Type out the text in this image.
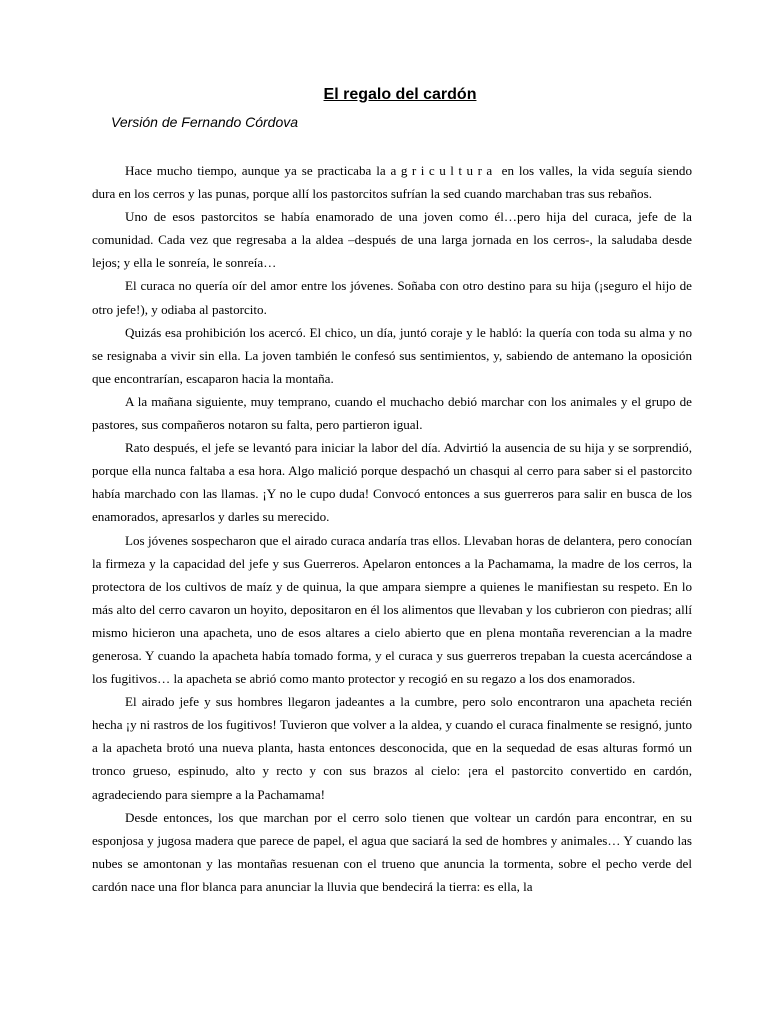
El regalo del cardón
Versión de Fernando Córdova

Hace mucho tiempo, aunque ya se practicaba la agricultura en los valles, la vida seguía siendo dura en los cerros y las punas, porque allí los pastorcitos sufrían la sed cuando marchaban tras sus rebaños.

Uno de esos pastorcitos se había enamorado de una joven como él…pero hija del curaca, jefe de la comunidad. Cada vez que regresaba a la aldea –después de una larga jornada en los cerros-, la saludaba desde lejos; y ella le sonreía, le sonreía…

El curaca no quería oír del amor entre los jóvenes. Soñaba con otro destino para su hija (¡seguro el hijo de otro jefe!), y odiaba al pastorcito.

Quizás esa prohibición los acercó. El chico, un día, juntó coraje y le habló: la quería con toda su alma y no se resignaba a vivir sin ella. La joven también le confesó sus sentimientos, y, sabiendo de antemano la oposición que encontrarían, escaparon hacia la montaña.

A la mañana siguiente, muy temprano, cuando el muchacho debió marchar con los animales y el grupo de pastores, sus compañeros notaron su falta, pero partieron igual.

Rato después, el jefe se levantó para iniciar la labor del día. Advirtió la ausencia de su hija y se sorprendió, porque ella nunca faltaba a esa hora. Algo malició porque despachó un chasqui al cerro para saber si el pastorcito había marchado con las llamas. ¡Y no le cupo duda! Convocó entonces a sus guerreros para salir en busca de los enamorados, apresarlos y darles su merecido.

Los jóvenes sospecharon que el airado curaca andaría tras ellos. Llevaban horas de delantera, pero conocían la firmeza y la capacidad del jefe y sus Guerreros. Apelaron entonces a la Pachamama, la madre de los cerros, la protectora de los cultivos de maíz y de quinua, la que ampara siempre a quienes le manifiestan su respeto. En lo más alto del cerro cavaron un hoyito, depositaron en él los alimentos que llevaban y los cubrieron con piedras; allí mismo hicieron una apacheta, uno de esos altares a cielo abierto que en plena montaña reverencian a la madre generosa. Y cuando la apacheta había tomado forma, y el curaca y sus guerreros trepaban la cuesta acercándose a los fugitivos… la apacheta se abrió como manto protector y recogió en su regazo a los dos enamorados.

El airado jefe y sus hombres llegaron jadeantes a la cumbre, pero solo encontraron una apacheta recién hecha ¡y ni rastros de los fugitivos! Tuvieron que volver a la aldea, y cuando el curaca finalmente se resignó, junto a la apacheta brotó una nueva planta, hasta entonces desconocida, que en la sequedad de esas alturas formó un tronco grueso, espinudo, alto y recto y con sus brazos al cielo: ¡era el pastorcito convertido en cardón, agradeciendo para siempre a la Pachamama!

Desde entonces, los que marchan por el cerro solo tienen que voltear un cardón para encontrar, en su esponjosa y jugosa madera que parece de papel, el agua que saciará la sed de hombres y animales… Y cuando las nubes se amontonan y las montañas resuenan con el trueno que anuncia la tormenta, sobre el pecho verde del cardón nace una flor blanca para anunciar la lluvia que bendecirá la tierra: es ella, la
